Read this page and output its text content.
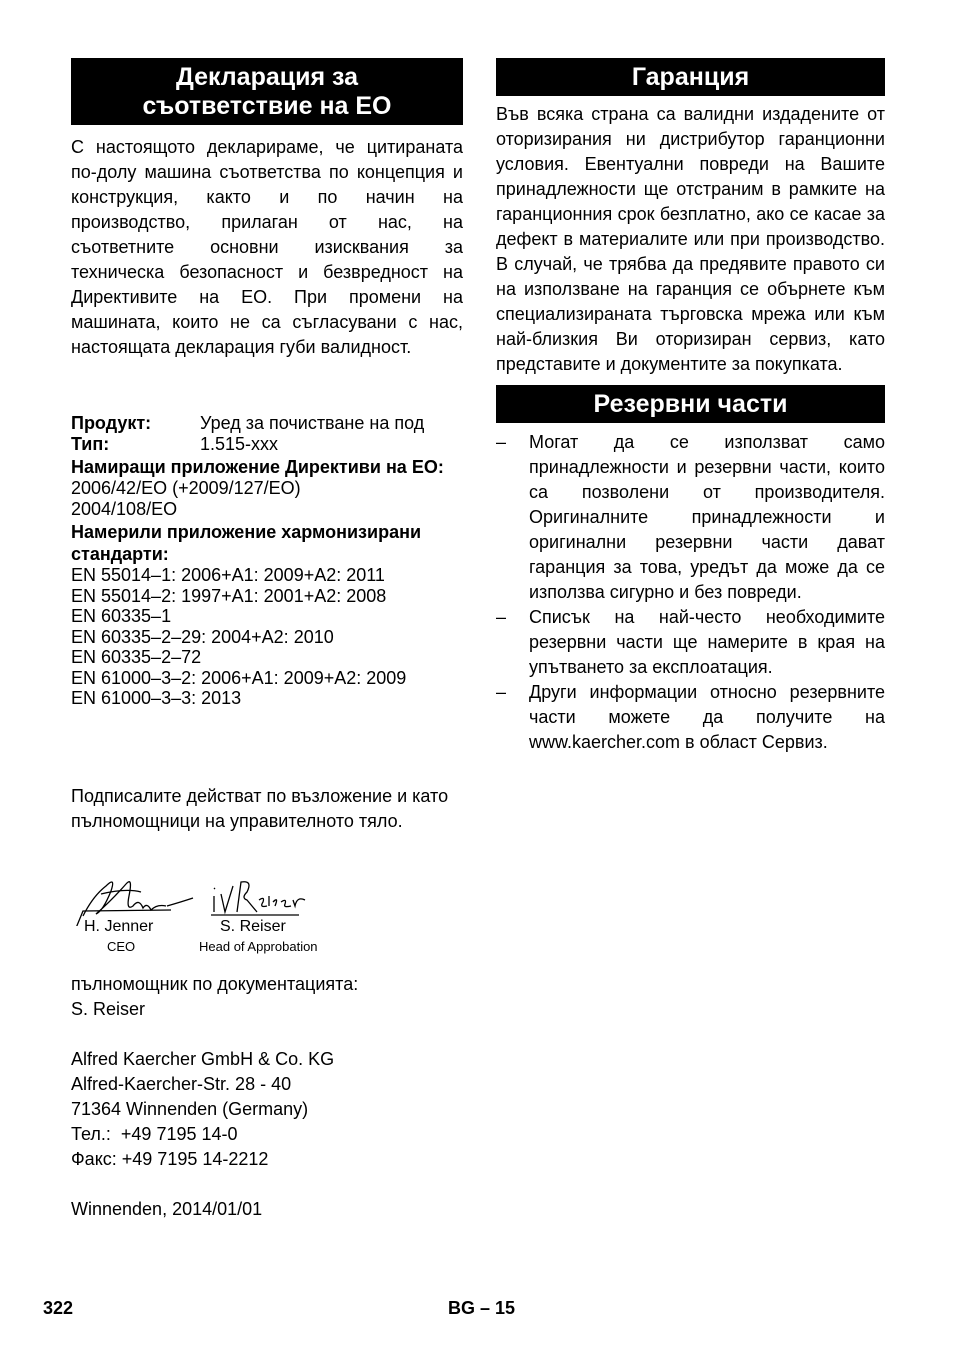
Декларация за
съответствие на ЕО

С настоящото декларираме, че цитираната по-долу машина съответства по концепция и конструкция, както и по начин на производство, прилаган от нас, на съответните основни изисквания за техническа безопасност и безвредност на Директивите на ЕО. При промени на машината, които не са съгласувани с нас, настоящата декларация губи валидност.

Продукт:	Уред за почистване на под
Тип:	1.515-xxx
Намиращи приложение Директиви на ЕО:
2006/42/EO (+2009/127/EO)
2004/108/EO
Намерили приложение хармонизирани стандарти:
EN 55014–1: 2006+A1: 2009+A2: 2011
EN 55014–2: 1997+A1: 2001+A2: 2008
EN 60335–1
EN 60335–2–29: 2004+A2: 2010
EN 60335–2–72
EN 61000–3–2: 2006+A1: 2009+A2: 2009
EN 61000–3–3: 2013

Подписалите действат по възложение и като пълномощници на управителното тяло.

H. Jenner
CEO
S. Reiser
Head of Approbation
пълномощник по документацията:
S. Reiser
Alfred Kaercher GmbH & Co. KG
Alfred-Kaercher-Str. 28 - 40
71364 Winnenden (Germany)
Тел.:  +49 7195 14-0
Факс: +49 7195 14-2212
Winnenden, 2014/01/01
Гаранция

Във всяка страна са валидни издадените от оторизирания ни дистрибутор гаранционни условия. Евентуални повреди на Вашите принадлежности ще отстраним в рамките на гаранционния срок безплатно, ако се касае за дефект в материалите или при производство. В случай, че трябва да предявите правото си на използване на гаранция се обърнете към специализираната търговска мрежа или към най-близкия Ви оторизиран сервиз, като представите и документите за покупката.

Резервни части
– Могат да се използват само принадлежности и резервни части, които са позволени от производителя. Оригиналните принадлежности и оригинални резервни части дават гаранция за това, уредът да може да се използва сигурно и без повреди.
– Списък на най-често необходимите резервни части ще намерите в края на упътването за експлоатация.
– Други информации относно резервните части можете да получите на www.kaercher.com в област Сервиз.
322	BG – 15
